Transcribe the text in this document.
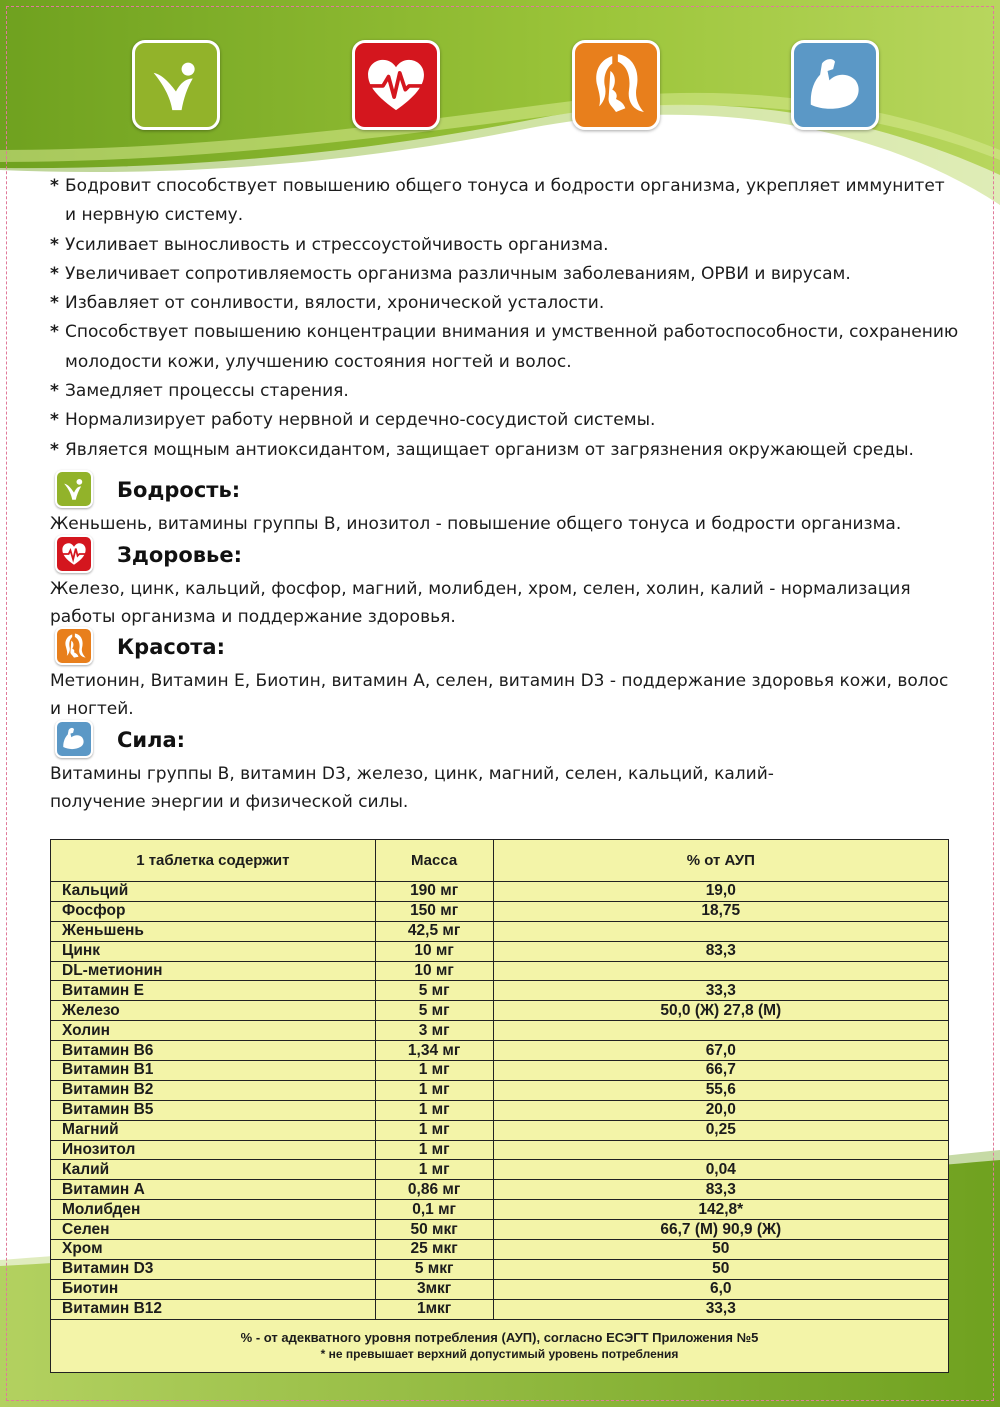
* Бодровит способствует повышению общего тонуса и бодрости организма, укрепляет иммунитет и нервную систему.
* Усиливает выносливость и стрессоустойчивость организма.
* Увеличивает сопротивляемость организма различным заболеваниям, ОРВИ и вирусам.
* Избавляет от сонливости, вялости, хронической усталости.
* Способствует повышению концентрации внимания и умственной работоспособности, сохранению молодости кожи, улучшению состояния ногтей и волос.
* Замедляет процессы старения.
* Нормализирует работу нервной и сердечно-сосудистой системы.
* Является мощным антиоксидантом, защищает организм от загрязнения окружающей среды.
Бодрость:

Женьшень, витамины группы В, инозитол - повышение общего тонуса и бодрости организма.

Здоровье:

Железо, цинк, кальций, фосфор, магний, молибден, хром, селен, холин, калий - нормализация работы организма и поддержание здоровья.

Красота:

Метионин, Витамин Е, Биотин, витамин А, селен, витамин D3 - поддержание здоровья кожи, волос и ногтей.

Сила:

Витамины группы В, витамин D3, железо, цинк, магний, селен, кальций, калий-
получение энергии и физической силы.

1 таблетка содержит	Масса	% от АУП
Кальций	190 мг	19,0
Фосфор	150 мг	18,75
Женьшень	42,5 мг	
Цинк	10 мг	83,3
DL-метионин	10 мг	
Витамин Е	5 мг	33,3
Железо	5 мг	50,0 (Ж) 27,8 (М)
Холин	3 мг	
Витамин В6	1,34 мг	67,0
Витамин В1	1 мг	66,7
Витамин В2	1 мг	55,6
Витамин В5	1 мг	20,0
Магний	1 мг	0,25
Инозитол	1 мг	
Калий	1 мг	0,04
Витамин А	0,86 мг	83,3
Молибден	0,1 мг	142,8*
Селен	50 мкг	66,7 (М) 90,9 (Ж)
Хром	25 мкг	50
Витамин D3	5 мкг	50
Биотин	3мкг	6,0
Витамин В12	1мкг	33,3

% - от адекватного уровня потребления (АУП), согласно ЕСЭГТ Приложения №5
* не превышает верхний допустимый уровень потребления		
